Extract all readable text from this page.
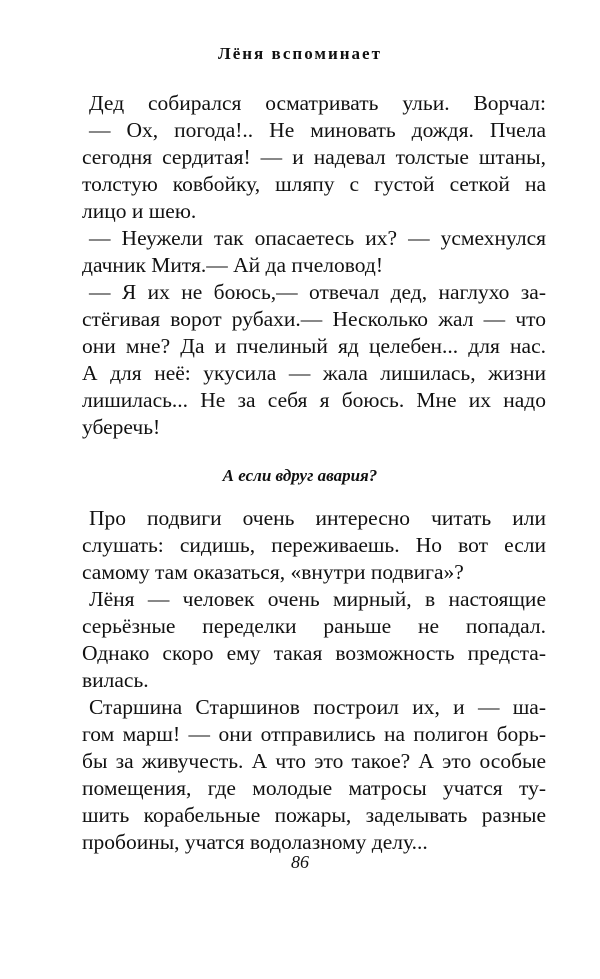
Лёня вспоминает
Дед собирался осматривать ульи. Ворчал:
— Ох, погода!.. Не миновать дождя. Пчела
сегодня сердитая! — и надевал толстые штаны,
толстую ковбойку, шляпу с густой сеткой на
лицо и шею.
— Неужели так опасаетесь их? — усмехнулся
дачник Митя.— Ай да пчеловод!
— Я их не боюсь,— отвечал дед, наглухо за-
стёгивая ворот рубахи.— Несколько жал — что
они мне? Да и пчелиный яд целебен... для нас.
А для неё: укусила — жала лишилась, жизни
лишилась... Не за себя я боюсь. Мне их надо
уберечь!
А если вдруг авария?
Про подвиги очень интересно читать или
слушать: сидишь, переживаешь. Но вот если
самому там оказаться, «внутри подвига»?
Лёня — человек очень мирный, в настоящие
серьёзные переделки раньше не попадал.
Однако скоро ему такая возможность предста-
вилась.
Старшина Старшинов построил их, и — ша-
гом марш! — они отправились на полигон борь-
бы за живучесть. А что это такое? А это особые
помещения, где молодые матросы учатся ту-
шить корабельные пожары, заделывать разные
пробоины, учатся водолазному делу...

86
